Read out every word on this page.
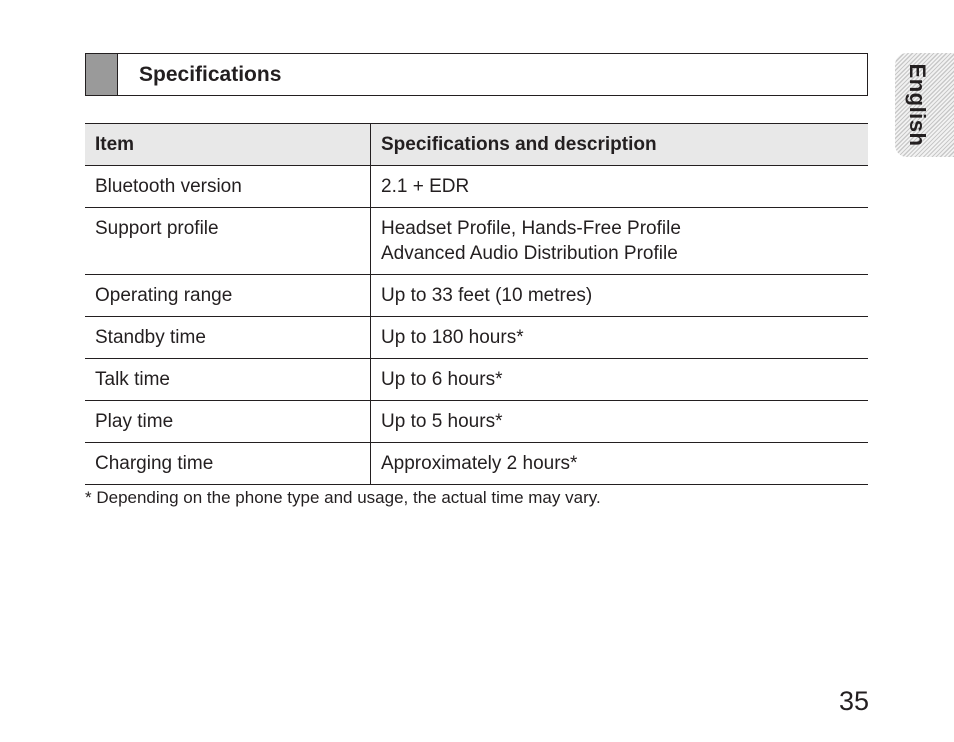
Specifications	English
Item	Specifications and description
Bluetooth version	2.1 + EDR

Support profile	Headset Profile, Hands-Free Profile
Advanced Audio Distribution Profile

Operating range	Up to 33 feet (10 metres)

Standby time	Up to 180 hours*

Talk time	Up to 6 hours*

Play time	Up to 5 hours*

Charging time	Approximately 2 hours*
* Depending on the phone type and usage, the actual time may vary.
35
